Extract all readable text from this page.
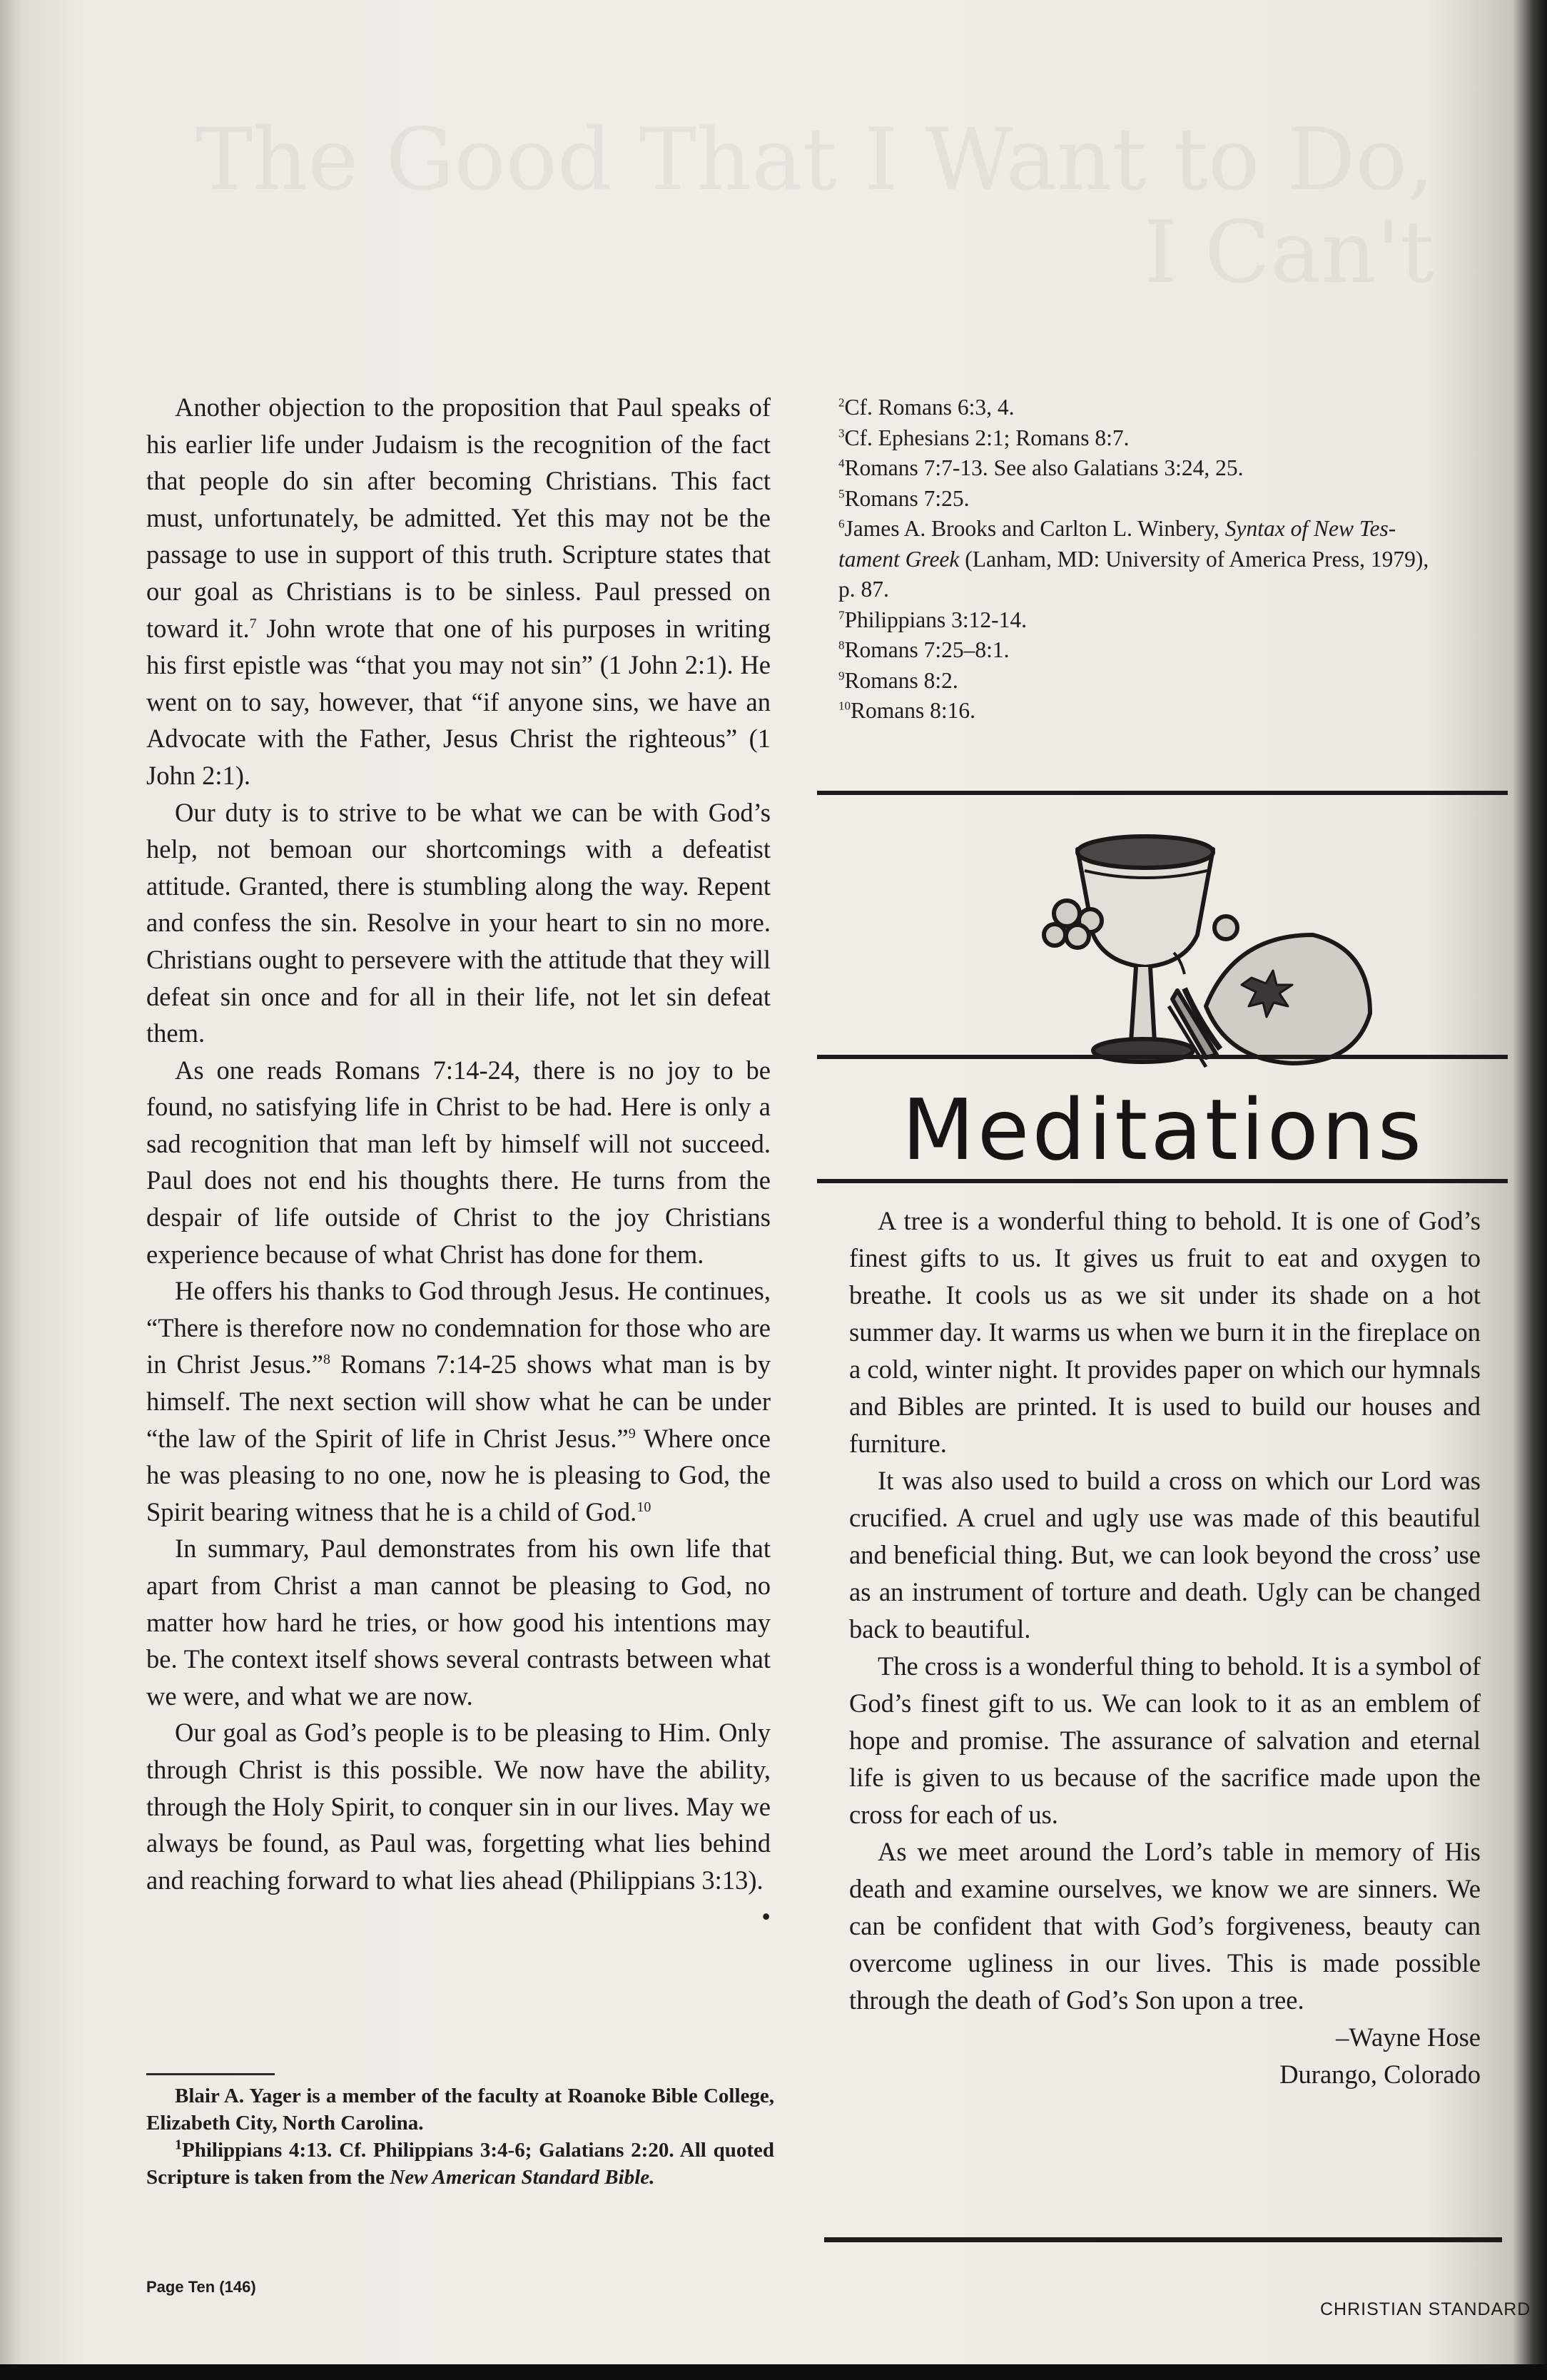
The Good That I Want to Do, I Can't

Another objection to the proposition that Paul speaks of his earlier life under Judaism is the recognition of the fact that people do sin after becoming Christians. This fact must, unfortunately, be admitted. Yet this may not be the passage to use in support of this truth. Scripture states that our goal as Christians is to be sinless. Paul pressed on toward it.$^7$ John wrote that one of his purposes in writing his first epistle was “that you may not sin” (1 John 2:1). He went on to say, however, that “if anyone sins, we have an Advocate with the Father, Jesus Christ the righteous” (1 John 2:1).

Our duty is to strive to be what we can be with God’s help, not bemoan our shortcomings with a defeatist attitude. Granted, there is stumbling along the way. Repent and confess the sin. Resolve in your heart to sin no more. Christians ought to persevere with the attitude that they will defeat sin once and for all in their life, not let sin defeat them.

As one reads Romans 7:14-24, there is no joy to be found, no satisfying life in Christ to be had. Here is only a sad recognition that man left by himself will not succeed. Paul does not end his thoughts there. He turns from the despair of life outside of Christ to the joy Christians experience because of what Christ has done for them.

He offers his thanks to God through Jesus. He continues, “There is therefore now no condemnation for those who are in Christ Jesus.”$^8$ Romans 7:14-25 shows what man is by himself. The next section will show what he can be under “the law of the Spirit of life in Christ Jesus.”$^9$ Where once he was pleasing to no one, now he is pleasing to God, the Spirit bearing witness that he is a child of God.$^{10}$

In summary, Paul demonstrates from his own life that apart from Christ a man cannot be pleasing to God, no matter how hard he tries, or how good his intentions may be. The context itself shows several contrasts between what we were, and what we are now.

Our goal as God’s people is to be pleasing to Him. Only through Christ is this possible. We now have the ability, through the Holy Spirit, to conquer sin in our lives. May we always be found, as Paul was, forgetting what lies behind and reaching forward to what lies ahead (Philippians 3:13).
•

Blair A. Yager is a member of the faculty at Roanoke Bible College, Elizabeth City, North Carolina.

$^1$Philippians 4:13. Cf. Philippians 3:4-6; Galatians 2:20. All quoted Scripture is taken from the New American Standard Bible.

$^2$Cf. Romans 6:3, 4.
$^3$Cf. Ephesians 2:1; Romans 8:7.
$^4$Romans 7:7-13. See also Galatians 3:24, 25.
$^5$Romans 7:25.
$^6$James A. Brooks and Carlton L. Winbery, Syntax of New Tes-
tament Greek (Lanham, MD: University of America Press, 1979),
p. 87.
$^7$Philippians 3:12-14.
$^8$Romans 7:25–8:1.
$^9$Romans 8:2.
$^{10}$Romans 8:16.
Meditations

A tree is a wonderful thing to behold. It is one of God’s finest gifts to us. It gives us fruit to eat and oxygen to breathe. It cools us as we sit under its shade on a hot summer day. It warms us when we burn it in the fireplace on a cold, winter night. It provides paper on which our hymnals and Bibles are printed. It is used to build our houses and furniture.

It was also used to build a cross on which our Lord was crucified. A cruel and ugly use was made of this beautiful and beneficial thing. But, we can look beyond the cross’ use as an instrument of torture and death. Ugly can be changed back to beautiful.

The cross is a wonderful thing to behold. It is a symbol of God’s finest gift to us. We can look to it as an emblem of hope and promise. The assurance of salvation and eternal life is given to us because of the sacrifice made upon the cross for each of us.

As we meet around the Lord’s table in memory of His death and examine ourselves, we know we are sinners. We can be confident that with God’s forgiveness, beauty can overcome ugliness in our lives. This is made possible through the death of God’s Son upon a tree.

–Wayne Hose

Durango, Colorado

Page Ten (146)
CHRISTIAN STANDARD
